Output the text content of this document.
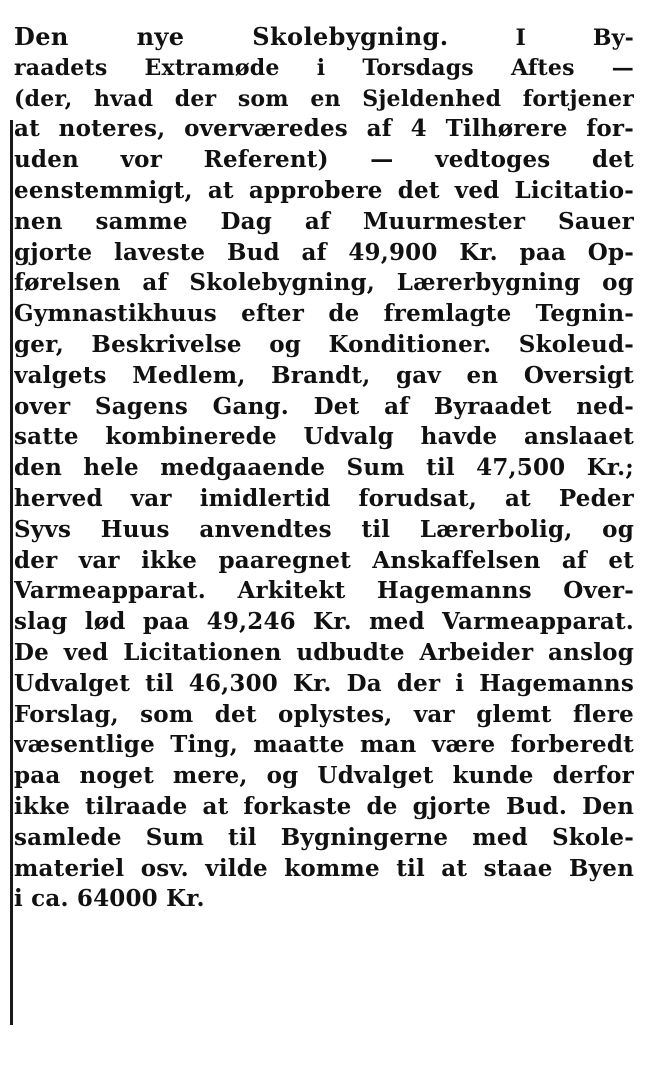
Den nye Skolebygning.	I By-
raadets Extramøde i Torsdags Aftes —
(der, hvad der som en Sjeldenhed fortjener
at noteres, overværedes af 4 Tilhørere for-
uden vor Referent) — vedtoges det
eenstemmigt, at approbere det ved Licitatio-
nen samme Dag af Muurmester Sauer
gjorte laveste Bud af 49,900 Kr. paa Op-
førelsen af Skolebygning, Lærerbygning og
Gymnastikhuus efter de fremlagte Tegnin-
ger, Beskrivelse og Konditioner. Skoleud-
valgets Medlem, Brandt, gav en Oversigt
over Sagens Gang. Det af Byraadet ned-
satte kombinerede Udvalg havde anslaaet
den hele medgaaende Sum til 47,500 Kr.;
herved var imidlertid forudsat, at Peder
Syvs Huus anvendtes til Lærerbolig, og
der var ikke paaregnet Anskaffelsen af et
Varmeapparat. Arkitekt Hagemanns Over-
slag lød paa 49,246 Kr. med Varmeapparat.
De ved Licitationen udbudte Arbeider anslog
Udvalget til 46,300 Kr. Da der i Hagemanns
Forslag, som det oplystes, var glemt flere
væsentlige Ting, maatte man være forberedt
paa noget mere, og Udvalget kunde derfor
ikke tilraade at forkaste de gjorte Bud. Den
samlede Sum til Bygningerne med Skole-
materiel osv. vilde komme til at staae Byen
i ca. 64000 Kr.
